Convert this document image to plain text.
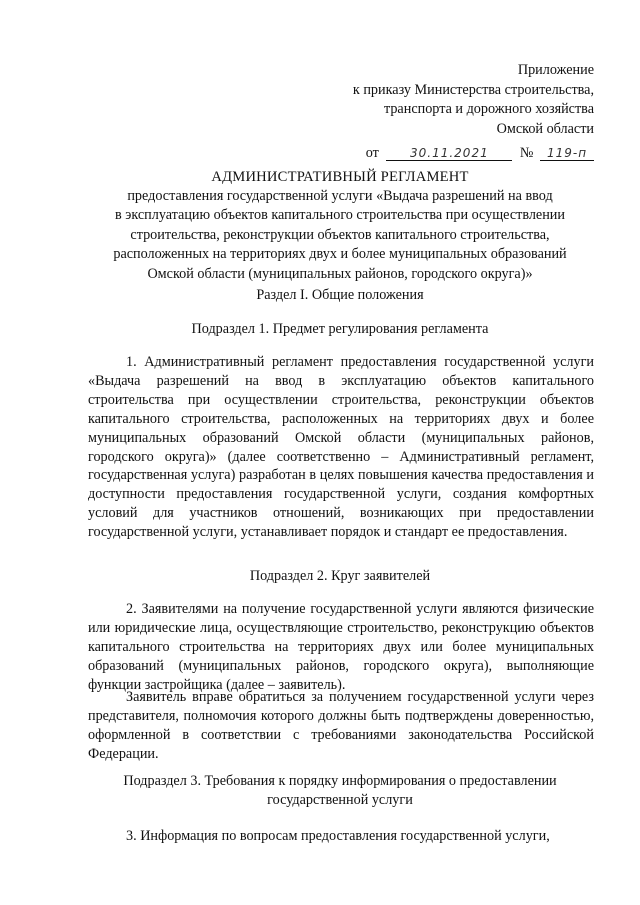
Приложение
к приказу Министерства строительства,
транспорта и дорожного хозяйства
Омской области
от	30.11.2021 № 119-п
АДМИНИСТРАТИВНЫЙ РЕГЛАМЕНТ
предоставления государственной услуги «Выдача разрешений на ввод
в эксплуатацию объектов капитального строительства при осуществлении
строительства, реконструкции объектов капитального строительства,
расположенных на территориях двух и более муниципальных образований
Омской области (муниципальных районов, городского округа)»
Раздел I. Общие положения
Подраздел 1. Предмет регулирования регламента

1. Административный регламент предоставления государственной услуги «Выдача разрешений на ввод в эксплуатацию объектов капитального строительства при осуществлении строительства, реконструкции объектов капитального строительства, расположенных на территориях двух и более муниципальных образований Омской области (муниципальных районов, городского округа)» (далее соответственно – Административный регламент, государственная услуга) разработан в целях повышения качества предоставления и доступности предоставления государственной услуги, создания комфортных условий для участников отношений, возникающих при предоставлении государственной услуги, устанавливает порядок и стандарт ее предоставления.

Подраздел 2. Круг заявителей

2. Заявителями на получение государственной услуги являются физические или юридические лица, осуществляющие строительство, реконструкцию объектов капитального строительства на территориях двух или более муниципальных образований (муниципальных районов, городского округа), выполняющие функции застройщика (далее – заявитель).

Заявитель вправе обратиться за получением государственной услуги через представителя, полномочия которого должны быть подтверждены доверенностью, оформленной в соответствии с требованиями законодательства Российской Федерации.

Подраздел 3. Требования к порядку информирования о предоставлении
государственной услуги

3. Информация по вопросам предоставления государственной услуги,
